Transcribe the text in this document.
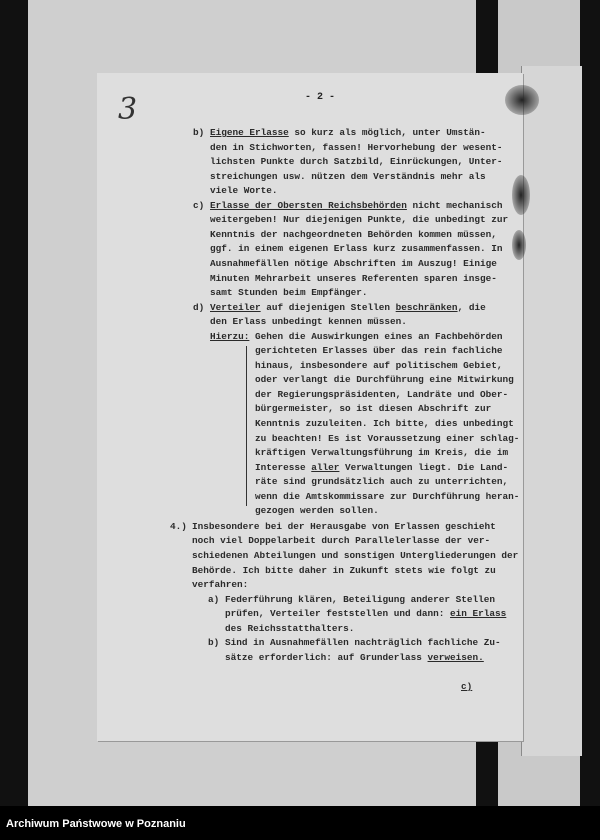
3	- 2 -
b) Eigene Erlasse so kurz als möglich, unter Umstän-
den in Stichworten, fassen! Hervorhebung der wesent-
lichsten Punkte durch Satzbild, Einrückungen, Unter-
streichungen usw. nützen dem Verständnis mehr als
viele Worte.
c) Erlasse der Obersten Reichsbehörden nicht mechanisch
weitergeben! Nur diejenigen Punkte, die unbedingt zur
Kenntnis der nachgeordneten Behörden kommen müssen,
ggf. in einem eigenen Erlass kurz zusammenfassen. In
Ausnahmefällen nötige Abschriften im Auszug! Einige
Minuten Mehrarbeit unseres Referenten sparen insge-
samt Stunden beim Empfänger.
d) Verteiler auf diejenigen Stellen beschränken, die
den Erlass unbedingt kennen müssen.
Hierzu: Gehen die Auswirkungen eines an Fachbehörden
gerichteten Erlasses über das rein fachliche
hinaus, insbesondere auf politischem Gebiet,
oder verlangt die Durchführung eine Mitwirkung
der Regierungspräsidenten, Landräte und Ober-
bürgermeister, so ist diesen Abschrift zur
Kenntnis zuzuleiten. Ich bitte, dies unbedingt
zu beachten! Es ist Voraussetzung einer schlag-
kräftigen Verwaltungsführung im Kreis, die im
Interesse aller Verwaltungen liegt. Die Land-
räte sind grundsätzlich auch zu unterrichten,
wenn die Amtskommissare zur Durchführung heran-
gezogen werden sollen.
4.) Insbesondere bei der Herausgabe von Erlassen geschieht
noch viel Doppelarbeit durch Parallelerlasse der ver-
schiedenen Abteilungen und sonstigen Untergliederungen der
Behörde. Ich bitte daher in Zukunft stets wie folgt zu
verfahren:
a) Federführung klären, Beteiligung anderer Stellen
prüfen, Verteiler feststellen und dann: ein Erlass
des Reichsstatthalters.
b) Sind in Ausnahmefällen nachträglich fachliche Zu-
sätze erforderlich: auf Grunderlass verweisen.
c)
Archiwum Państwowe w Poznaniu
